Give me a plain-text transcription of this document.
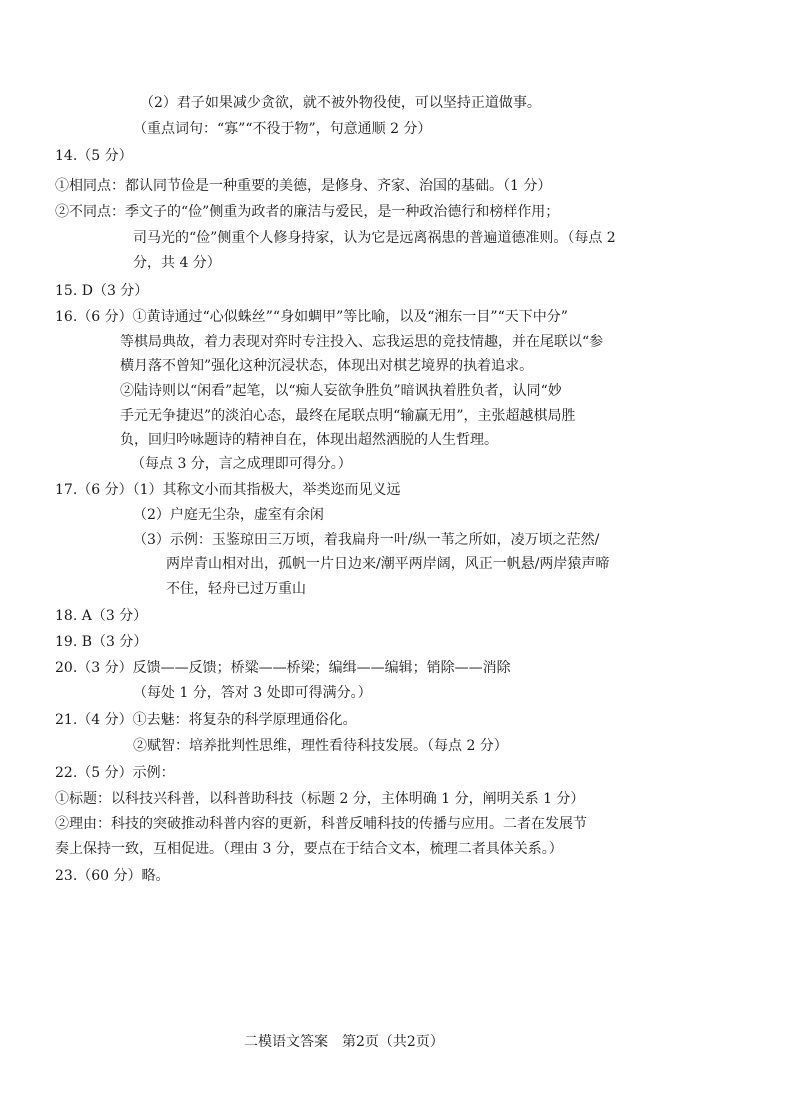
（2）君子如果减少贪欲，就不被外物役使，可以坚持正道做事。
（重点词句：“寡”“不役于物”，句意通顺 2 分）
14.（5 分）
①相同点：都认同节俭是一种重要的美德，是修身、齐家、治国的基础。（1 分）
②不同点：季文子的“俭”侧重为政者的廉洁与爱民，是一种政治德行和榜样作用；
司马光的“俭”侧重个人修身持家，认为它是远离祸患的普遍道德准则。（每点 2
分，共 4 分）
15. D（3 分）
16.（6 分）①黄诗通过“心似蛛丝”“身如蜩甲”等比喻，以及“湘东一目”“天下中分”
等棋局典故，着力表现对弈时专注投入、忘我运思的竞技情趣，并在尾联以“参
横月落不曾知”强化这种沉浸状态，体现出对棋艺境界的执着追求。
②陆诗则以“闲看”起笔，以“痴人妄欲争胜负”暗讽执着胜负者，认同“妙
手元无争捷迟”的淡泊心态，最终在尾联点明“输赢无用”，主张超越棋局胜
负，回归吟咏题诗的精神自在，体现出超然洒脱的人生哲理。
（每点 3 分，言之成理即可得分。）
17.（6 分）（1）其称文小而其指极大，举类迩而见义远
（2）户庭无尘杂，虚室有余闲
（3）示例：玉鉴琼田三万顷，着我扁舟一叶/纵一苇之所如，凌万顷之茫然/
两岸青山相对出，孤帆一片日边来/潮平两岸阔，风正一帆悬/两岸猿声啼
不住，轻舟已过万重山
18. A（3 分）
19. B（3 分）
20.（3 分）反馈——反馈；桥粱——桥梁；编缉——编辑；销除——消除
（每处 1 分，答对 3 处即可得满分。）
21.（4 分）①去魅：将复杂的科学原理通俗化。
②赋智：培养批判性思维，理性看待科技发展。（每点 2 分）
22.（5 分）示例：
①标题：以科技兴科普，以科普助科技（标题 2 分，主体明确 1 分，阐明关系 1 分）
②理由：科技的突破推动科普内容的更新，科普反哺科技的传播与应用。二者在发展节
奏上保持一致，互相促进。（理由 3 分，要点在于结合文本，梳理二者具体关系。）
23.（60 分）略。
二模语文答案　第2页（共2页）
